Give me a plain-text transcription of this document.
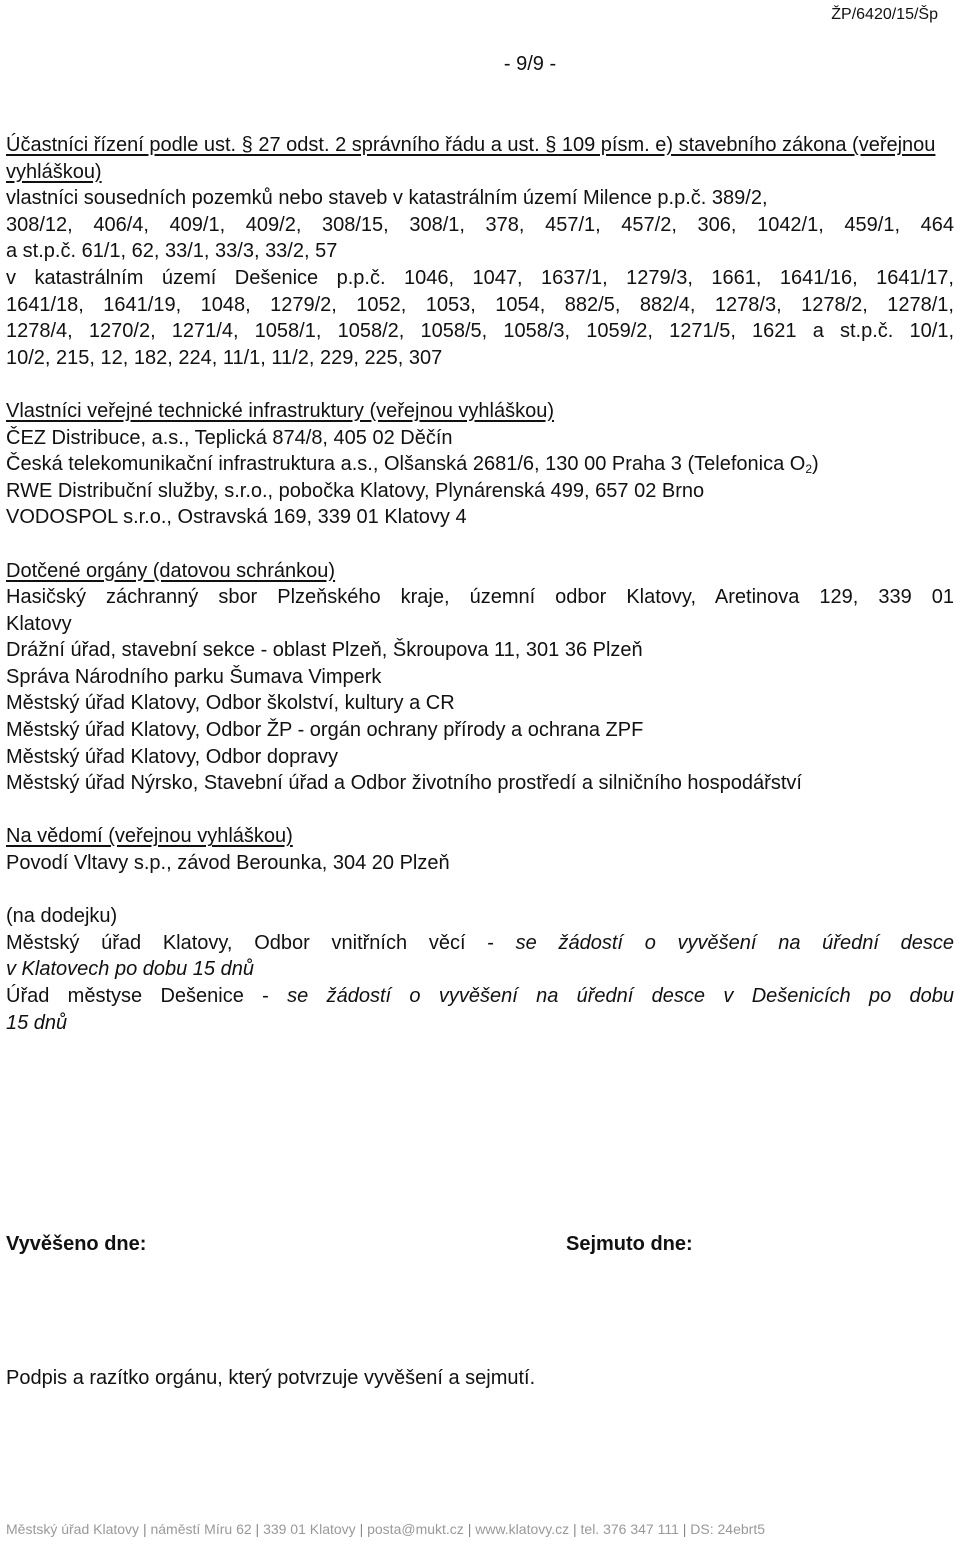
ŽP/6420/15/Šp
- 9/9 -

Účastníci řízení podle ust. § 27 odst. 2 správního řádu a ust. § 109 písm. e) stavebního zákona (veřejnou vyhláškou)

vlastníci sousedních pozemků nebo staveb v katastrálním území Milence p.p.č. 389/2,

308/12, 406/4, 409/1, 409/2, 308/15, 308/1, 378, 457/1, 457/2, 306, 1042/1, 459/1, 464

a st.p.č. 61/1, 62, 33/1, 33/3, 33/2, 57

v katastrálním území Dešenice p.p.č. 1046, 1047, 1637/1, 1279/3, 1661, 1641/16, 1641/17,

1641/18, 1641/19, 1048, 1279/2, 1052, 1053, 1054, 882/5, 882/4, 1278/3, 1278/2, 1278/1,

1278/4, 1270/2, 1271/4, 1058/1, 1058/2, 1058/5, 1058/3, 1059/2, 1271/5, 1621 a st.p.č. 10/1,

10/2, 215, 12, 182, 224, 11/1, 11/2, 229, 225, 307

Vlastníci veřejné technické infrastruktury (veřejnou vyhláškou)

ČEZ Distribuce, a.s., Teplická 874/8, 405 02 Děčín

Česká telekomunikační infrastruktura a.s., Olšanská 2681/6, 130 00 Praha 3 (Telefonica $O_2$)

RWE Distribuční služby, s.r.o., pobočka Klatovy, Plynárenská 499, 657 02 Brno

VODOSPOL s.r.o., Ostravská 169, 339 01 Klatovy 4

Dotčené orgány (datovou schránkou)

Hasičský záchranný sbor Plzeňského kraje, územní odbor Klatovy, Aretinova 129, 339 01

Klatovy

Drážní úřad, stavební sekce - oblast Plzeň, Škroupova 11, 301 36 Plzeň

Správa Národního parku Šumava Vimperk

Městský úřad Klatovy, Odbor školství, kultury a CR

Městský úřad Klatovy, Odbor ŽP - orgán ochrany přírody a ochrana ZPF

Městský úřad Klatovy, Odbor dopravy

Městský úřad Nýrsko, Stavební úřad a Odbor životního prostředí a silničního hospodářství

Na vědomí (veřejnou vyhláškou)

Povodí Vltavy s.p., závod Berounka, 304 20 Plzeň

(na dodejku)

Městský úřad Klatovy, Odbor vnitřních věcí - se žádostí o vyvěšení na úřední desce

v Klatovech po dobu 15 dnů

Úřad městyse Dešenice - se žádostí o vyvěšení na úřední desce v Dešenicích po dobu

15 dnů

Vyvěšeno dne:	Sejmuto dne:
Podpis a razítko orgánu, který potvrzuje vyvěšení a sejmutí.
Městský úřad Klatovy | náměstí Míru 62 | 339 01 Klatovy | posta@mukt.cz | www.klatovy.cz | tel. 376 347 111 | DS: 24ebrt5
